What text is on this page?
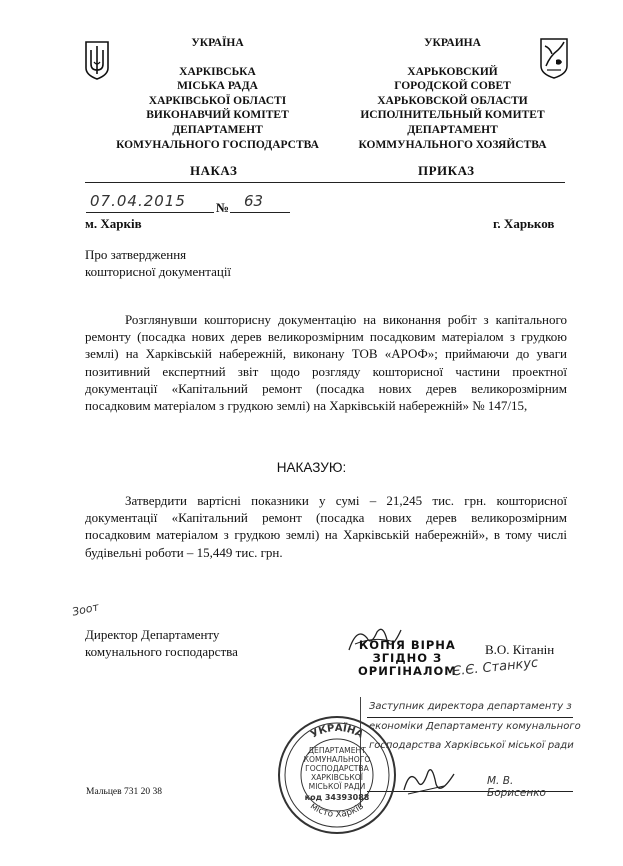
УКРАЇНА
ХАРКІВСЬКА
МІСЬКА РАДА
ХАРКІВСЬКОЇ ОБЛАСТІ
ВИКОНАВЧИЙ КОМІТЕТ
ДЕПАРТАМЕНТ
КОМУНАЛЬНОГО ГОСПОДАРСТВА
УКРАИНА
ХАРЬКОВСКИЙ
ГОРОДСКОЙ СОВЕТ
ХАРЬКОВСКОЙ ОБЛАСТИ
ИСПОЛНИТЕЛЬНЫЙ КОМИТЕТ
ДЕПАРТАМЕНТ
КОММУНАЛЬНОГО ХОЗЯЙСТВА
НАКАЗ	ПРИКАЗ
07.04.2015 № 63
м. Харків	г. Харьков
Про затвердження
кошторисної документації
Розглянувши кошторисну документацію на виконання робіт з капітального ремонту (посадка нових дерев великорозмірним посадковим матеріалом з грудкою землі) на Харківській набережній, виконану ТОВ «АРОФ»; приймаючи до уваги позитивний експертний звіт щодо розгляду кошторисної частини проектної документації «Капітальний ремонт (посадка нових дерев великорозмірним посадковим матеріалом з грудкою землі) на Харківській набережній» № 147/15,
НАКАЗУЮ:
Затвердити вартісні показники у сумі – 21,245 тис. грн. кошторисної документації «Капітальний ремонт (посадка нових дерев великорозмірним посадковим матеріалом з грудкою землі) на Харківській набережній», в тому числі будівельні роботи – 15,449 тис. грн.
Зоот
Директор Департаменту
комунального господарства	КОПІЯ ВІРНА
ЗГІДНО З
ОРИГІНАЛОМ
В.О. Кітанін
Є.Є. Станкус
Заступник директора департаменту з
економіки Департаменту комунального
господарства Харківської міської ради
М. В. Борисенко
УКРАЇНА
місто Харків
ДЕПАРТАМЕНТ
КОМУНАЛЬНОГО
ГОСПОДАРСТВА
ХАРКІВСЬКОЇ
МІСЬКОЇ РАДИ
код 34393088
Мальцев 731 20 38
